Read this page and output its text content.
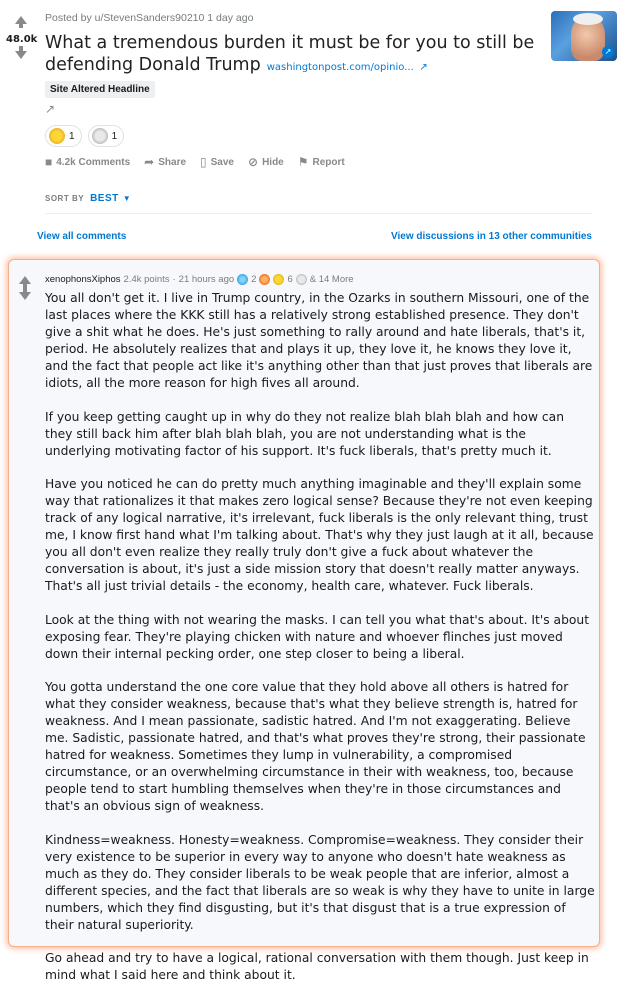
48.0k
Posted by u/StevenSanders90210 1 day ago
What a tremendous burden it must be for you to still be defending Donald Trump washingtonpost.com/opinio... ↗
↗
Site Altered Headline
↗
1	1
■ 4.2k Comments ➦ Share ▯ Save ⊘ Hide ⚑ Report
SORT BY BEST ▼
View all comments	View discussions in 13 other communities
xenophonsXiphos 2.4k points · 21 hours ago 2	6 & 14 More

You all don't get it. I live in Trump country, in the Ozarks in southern Missouri, one of the last places where the KKK still has a relatively strong established presence. They don't give a shit what he does. He's just something to rally around and hate liberals, that's it, period. He absolutely realizes that and plays it up, they love it, he knows they love it, and the fact that people act like it's anything other than that just proves that liberals are idiots, all the more reason for high fives all around.

If you keep getting caught up in why do they not realize blah blah blah and how can they still back him after blah blah blah, you are not understanding what is the underlying motivating factor of his support. It's fuck liberals, that's pretty much it.

Have you noticed he can do pretty much anything imaginable and they'll explain some way that rationalizes it that makes zero logical sense? Because they're not even keeping track of any logical narrative, it's irrelevant, fuck liberals is the only relevant thing, trust me, I know first hand what I'm talking about. That's why they just laugh at it all, because you all don't even realize they really truly don't give a fuck about whatever the conversation is about, it's just a side mission story that doesn't really matter anyways. That's all just trivial details - the economy, health care, whatever. Fuck liberals.

Look at the thing with not wearing the masks. I can tell you what that's about. It's about exposing fear. They're playing chicken with nature and whoever flinches just moved down their internal pecking order, one step closer to being a liberal.

You gotta understand the one core value that they hold above all others is hatred for what they consider weakness, because that's what they believe strength is, hatred for weakness. And I mean passionate, sadistic hatred. And I'm not exaggerating. Believe me. Sadistic, passionate hatred, and that's what proves they're strong, their passionate hatred for weakness. Sometimes they lump in vulnerability, a compromised circumstance, or an overwhelming circumstance in their with weakness, too, because people tend to start humbling themselves when they're in those circumstances and that's an obvious sign of weakness.

Kindness=weakness. Honesty=weakness. Compromise=weakness. They consider their very existence to be superior in every way to anyone who doesn't hate weakness as much as they do. They consider liberals to be weak people that are inferior, almost a different species, and the fact that liberals are so weak is why they have to unite in large numbers, which they find disgusting, but it's that disgust that is a true expression of their natural superiority.

Go ahead and try to have a logical, rational conversation with them though. Just keep in mind what I said here and think about it.
